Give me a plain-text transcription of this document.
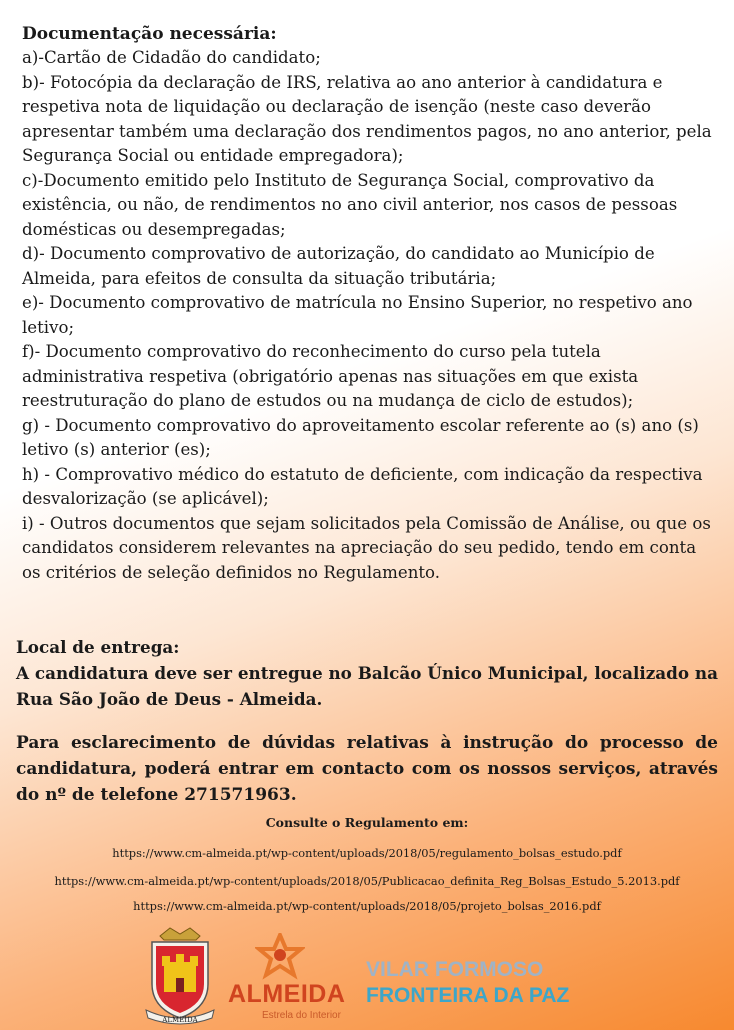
Documentação necessária:
a)-Cartão de Cidadão do candidato;
b)- Fotocópia da declaração de IRS, relativa ao ano anterior à candidatura e respetiva nota de liquidação ou declaração de isenção (neste caso deverão apresentar também uma declaração dos rendimentos pagos, no ano anterior, pela Segurança Social ou entidade empregadora);
c)-Documento emitido pelo Instituto de Segurança Social, comprovativo da existência, ou não, de rendimentos no ano civil anterior, nos casos de pessoas domésticas ou desempregadas;
d)- Documento comprovativo de autorização, do candidato ao Município de Almeida, para efeitos de consulta da situação tributária;
e)- Documento comprovativo de matrícula no Ensino Superior, no respetivo ano letivo;
f)- Documento comprovativo do reconhecimento do curso pela tutela administrativa respetiva (obrigatório apenas nas situações em que exista reestruturação do plano de estudos ou na mudança de ciclo de estudos);
g) - Documento comprovativo do aproveitamento escolar referente ao (s) ano (s) letivo (s) anterior (es);
h) - Comprovativo médico do estatuto de deficiente, com indicação da respectiva desvalorização (se aplicável);
i) - Outros documentos que sejam solicitados pela Comissão de Análise, ou que os candidatos considerem relevantes na apreciação do seu pedido, tendo em conta os critérios de seleção definidos no Regulamento.
Local de entrega:
A candidatura deve ser entregue no Balcão Único Municipal, localizado na Rua São João de Deus - Almeida.
Para esclarecimento de dúvidas relativas à instrução do processo de candidatura, poderá entrar em contacto com os nossos serviços, através do nº de telefone 271571963.
Consulte o Regulamento em:
https://www.cm-almeida.pt/wp-content/uploads/2018/05/regulamento_bolsas_estudo.pdf
https://www.cm-almeida.pt/wp-content/uploads/2018/05/Publicacao_definita_Reg_Bolsas_Estudo_5.2013.pdf
https://www.cm-almeida.pt/wp-content/uploads/2018/05/projeto_bolsas_2016.pdf
ALMEIDA
ALMEIDA
Estrela do Interior
VILAR FORMOSO
FRONTEIRA DA PAZ
